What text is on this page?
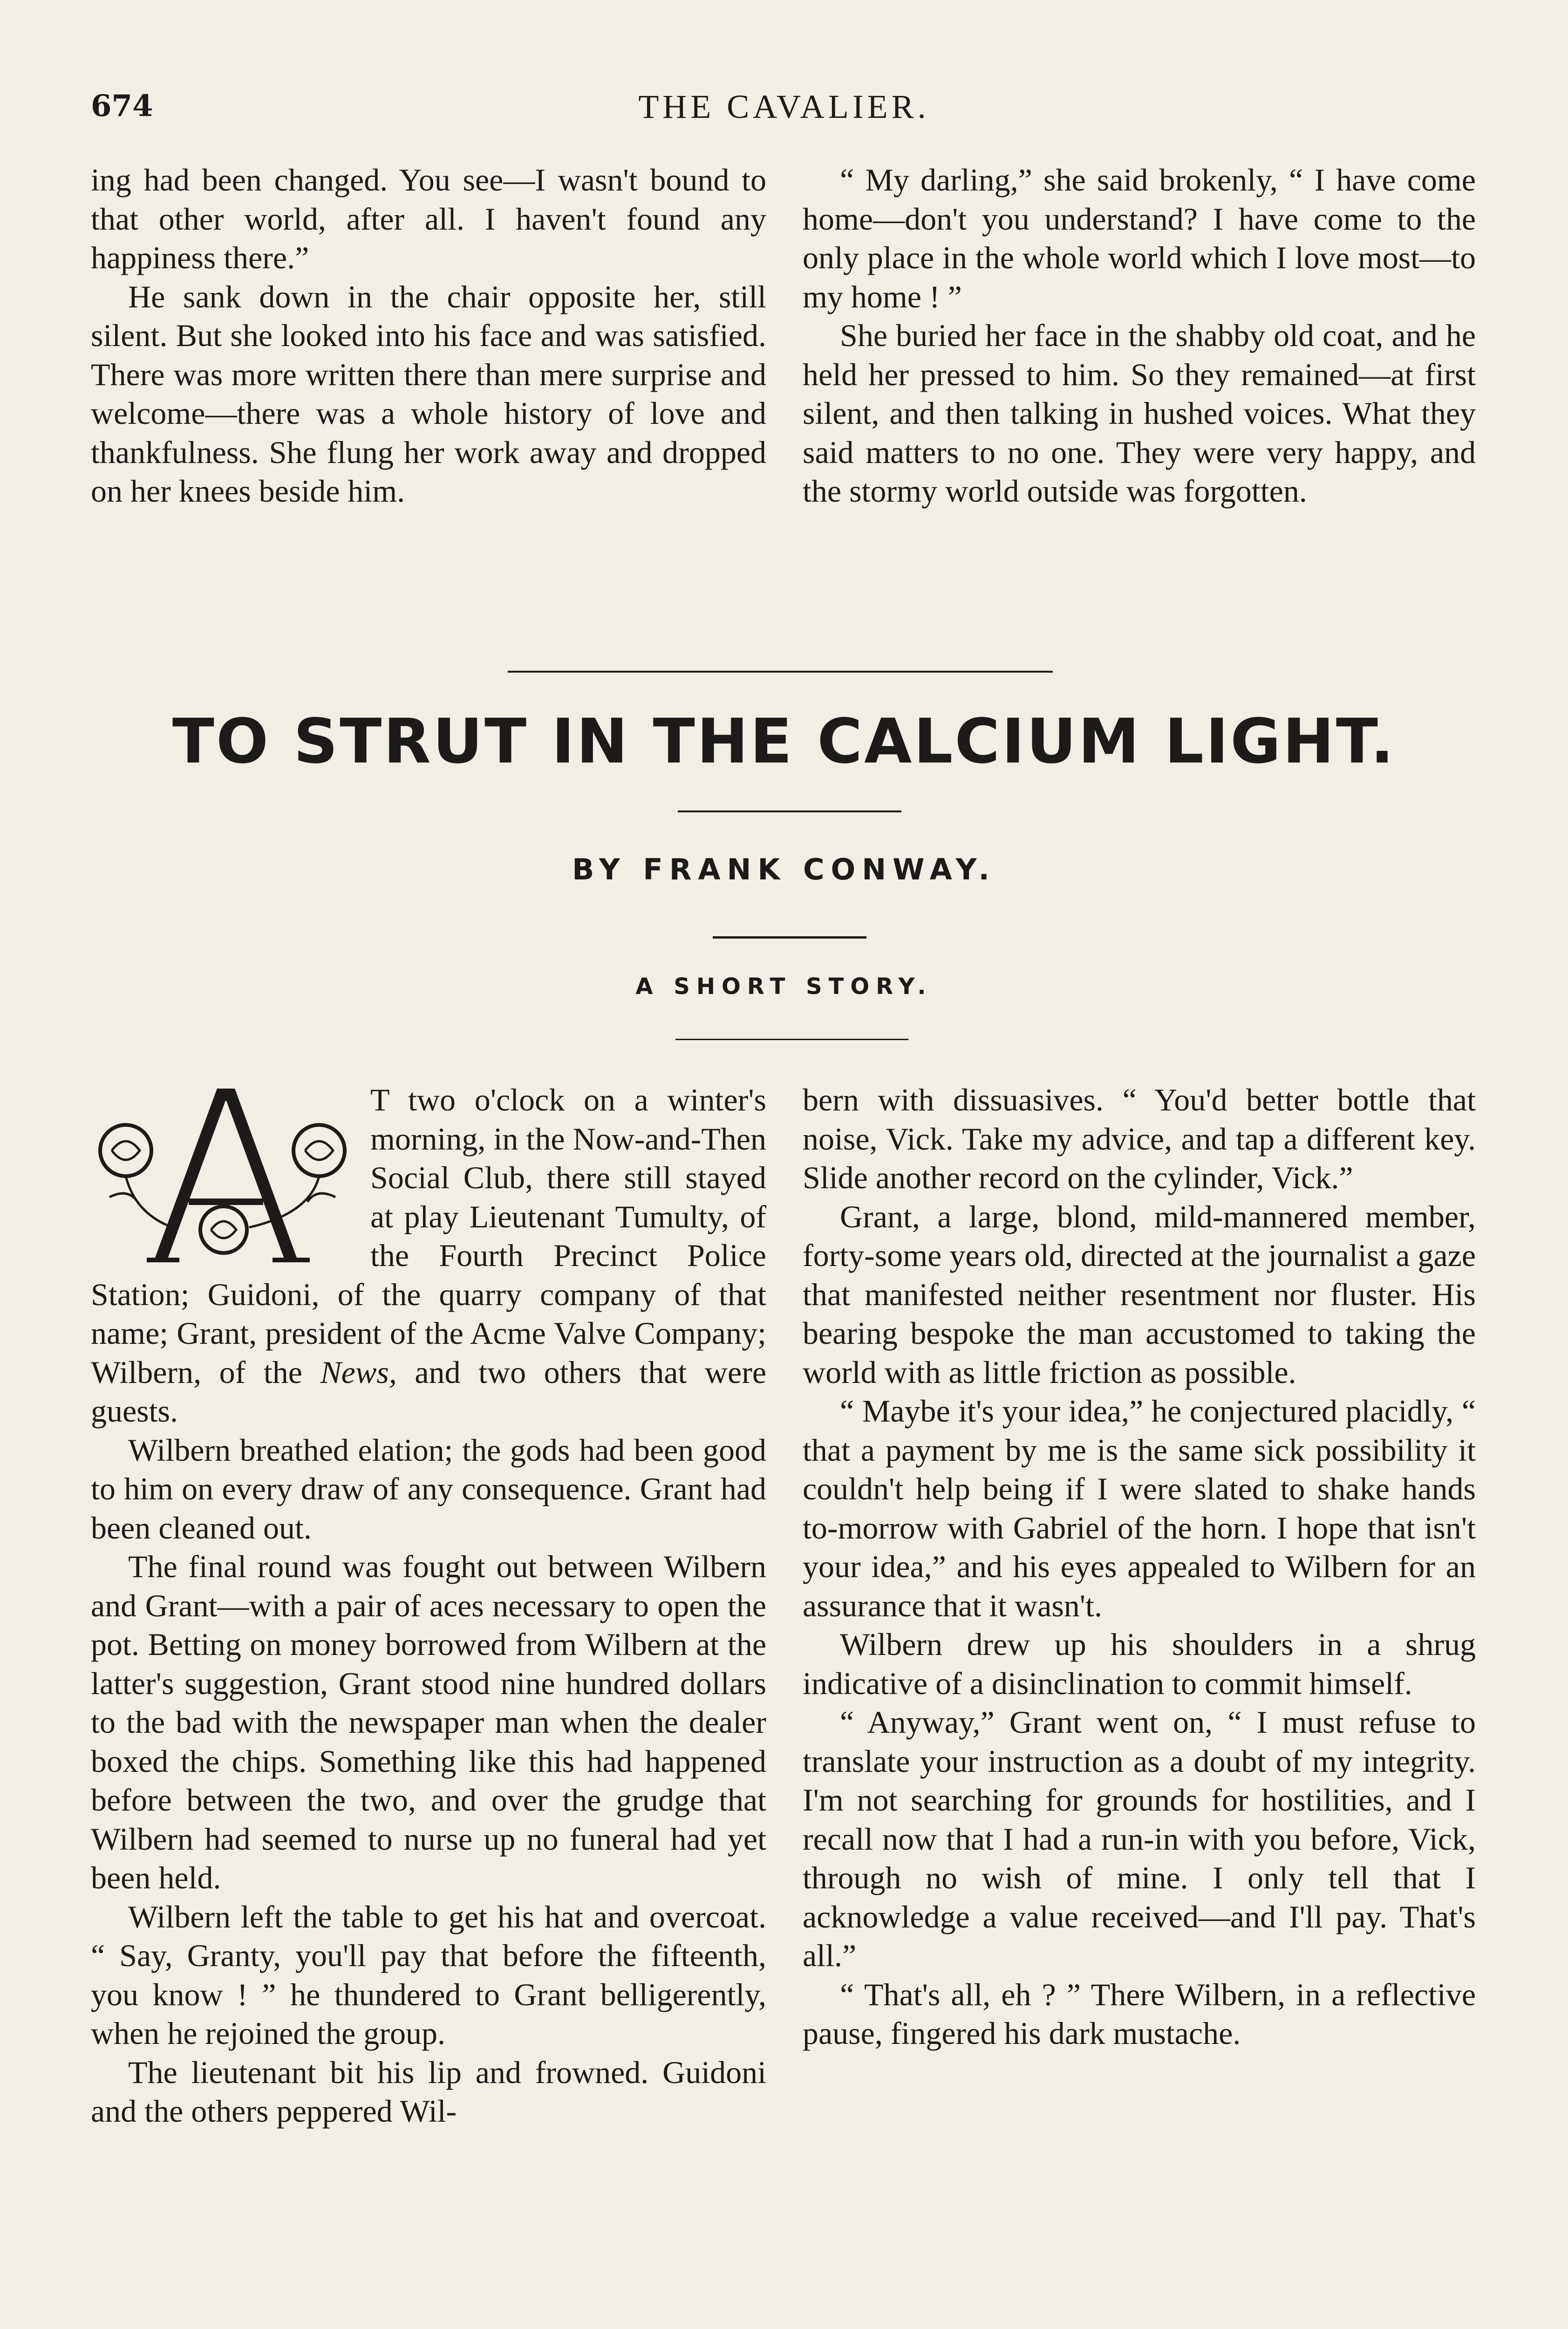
674	THE CAVALIER.

ing had been changed. You see—I wasn't bound to that other world, after all. I haven't found any happiness there.”

He sank down in the chair opposite her, still silent. But she looked into his face and was satisfied. There was more written there than mere surprise and welcome—there was a whole history of love and thankfulness. She flung her work away and dropped on her knees beside him.

“ My darling,” she said brokenly, “ I have come home—don't you understand? I have come to the only place in the whole world which I love most—to my home ! ”

She buried her face in the shabby old coat, and he held her pressed to him. So they remained—at first silent, and then talking in hushed voices. What they said matters to no one. They were very happy, and the stormy world outside was forgotten.

TO STRUT IN THE CALCIUM LIGHT.
BY FRANK CONWAY.
A SHORT STORY.

T two o'clock on a winter's morning, in the Now-and-Then Social Club, there still stayed at play Lieutenant Tumulty, of the Fourth Precinct Police Station; Guidoni, of the quarry company of that name; Grant, president of the Acme Valve Company; Wilbern, of the News, and two others that were guests.

Wilbern breathed elation; the gods had been good to him on every draw of any consequence. Grant had been cleaned out.

The final round was fought out between Wilbern and Grant—with a pair of aces necessary to open the pot. Betting on money borrowed from Wilbern at the latter's suggestion, Grant stood nine hundred dollars to the bad with the newspaper man when the dealer boxed the chips. Something like this had happened before between the two, and over the grudge that Wilbern had seemed to nurse up no funeral had yet been held.

Wilbern left the table to get his hat and overcoat. “ Say, Granty, you'll pay that before the fifteenth, you know ! ” he thundered to Grant belligerently, when he rejoined the group.

The lieutenant bit his lip and frowned. Guidoni and the others peppered Wil-

bern with dissuasives. “ You'd better bottle that noise, Vick. Take my advice, and tap a different key. Slide another record on the cylinder, Vick.”

Grant, a large, blond, mild-mannered member, forty-some years old, directed at the journalist a gaze that manifested neither resentment nor fluster. His bearing bespoke the man accustomed to taking the world with as little friction as possible.

“ Maybe it's your idea,” he conjectured placidly, “ that a payment by me is the same sick possibility it couldn't help being if I were slated to shake hands to-morrow with Gabriel of the horn. I hope that isn't your idea,” and his eyes appealed to Wilbern for an assurance that it wasn't.

Wilbern drew up his shoulders in a shrug indicative of a disinclination to commit himself.

“ Anyway,” Grant went on, “ I must refuse to translate your instruction as a doubt of my integrity. I'm not searching for grounds for hostilities, and I recall now that I had a run-in with you before, Vick, through no wish of mine. I only tell that I acknowledge a value received—and I'll pay. That's all.”

“ That's all, eh ? ” There Wilbern, in a reflective pause, fingered his dark mustache.
